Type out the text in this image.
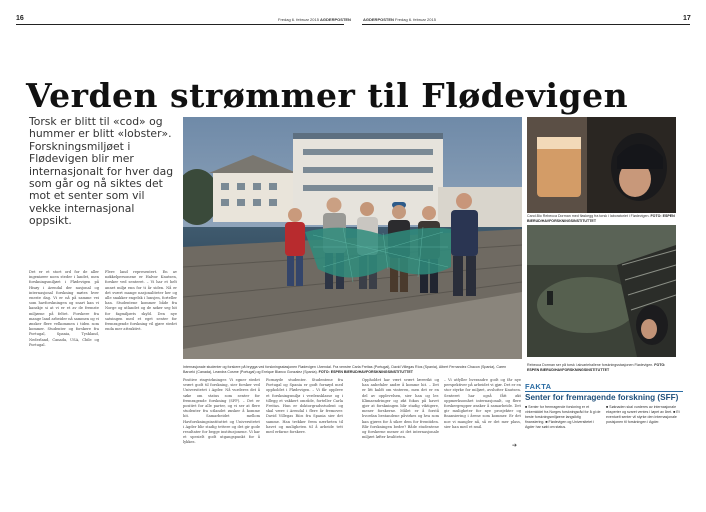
16	Fredag 6. februar 2015 AGDERPOSTEN	AGDERPOSTEN Fredag 6. februar 2015	17
Verden strømmer til Flødevigen
Torsk er blitt til «cod» og hummer er blitt «lobster». Forskningsmiljøet i Flødevigen blir mer internasjonalt for hver dag som går og nå siktes det mot et senter som vil vekke internasjonal oppsikt.	Cand.Bio Rebecca Dorman med flaskegg fra torsk i laboratoriet i Flødevigen. FOTO: ESPEN BIERUD/HAVFORSKNINGSINSTITUTTET
Rebecca Dorman ser på torsk i akvariehallene forskningsstasjonen Flødevigen. FOTO: ESPEN BIERUD/HAVFORSKNINGSINSTITUTTET
Internasjonale studenter og forskere på brygga ved forskningsstasjonen Flødevigen i Arendal. Fra venstre Carla Freitas (Portugal), David Villegas Ríos (Spania), Albert Fernandez Chacon (Spania), Caren Barceló (Canada), Leandra Cosme (Portugal) og Enrique Blanco Gonzalez (Spania). FOTO: ESPEN BIERUD/HAVFORSKNINGSINSTITUTTET
Det er et stort ord for de aller ingeniører noen steder i landet, men forskningsmiljøet i Flødevigen på Hisøy i Arendal der nasjonal og internasjonal forskning møtes hver eneste dag. Vi er nå på samme vei som havforskningen og snart kan vi kanskje si at vi er et av de fremste miljøene på feltet. Forskere fra mange land arbeider nå sammen og vi ønsker flere velkommen i tiden som kommer. Studenter og forskere fra Portugal, Spania, Tyskland, Nederland, Canada, USA, Chile og Portugal.
Flere land representert. En av nøkkelpersonene er Halvor Knutsen, forsker ved senteret. – Vi har et helt annet miljø enn for ti år siden. Nå er det svært mange nasjonaliteter her og alle snakker engelsk i lunsjen, forteller han. Studentene kommer både fra Norge og utlandet og de søker seg hit for fagmiljøets skyld. Den nye satsingen med et eget senter for fremragende forskning vil gjøre stedet enda mer attraktivt.
Positive ringvirkninger. Vi egner stedet svært godt til forskning, sier forsker ved Universitetet i Agder. Nå vurderes det å søke om status som senter for fremragende forskning (SFF). – Det er positivt for alle parter, og vi ser at flere studenter fra utlandet ønsker å komme hit. Samarbeidet mellom Havforskningsinstituttet og Universitetet i Agder blir stadig tettere og det gir gode resultater for begge institusjonene. Vi har et spesielt godt utgangspunkt for å lykkes.
Fornøyde studenter. Studentene fra Portugal og Spania er godt fornøyd med oppholdet i Flødevigen. – Vi får oppleve et forskningsmiljø i verdensklasse og i tillegg et vakkert område, forteller Carla Freitas. Hun er doktorgradsstudent og skal være i Arendal i flere år fremover. David Villegas Ríos fra Spania sier det samme. Han trekker frem nærheten til havet og muligheten til å arbeide tett med erfarne forskere.
Oppholdet har vært svært lærerikt og han anbefaler andre å komme hit. – Det er litt kaldt om vinteren, men det er en del av opplevelsen, sier han og ler. Klimaendringer og økt fokus på havet gjør at forskningen blir stadig viktigere, mener forskerne. Målet er å forstå hvordan bestandene påvirkes og hva som kan gjøres for å sikre dem for fremtiden. Blir forskningen bedre? Både studentene og forskerne mener at det internasjonale miljøet løfter kvaliteten.
– Vi utfyller hverandre godt og får nye perspektiver på arbeidet vi gjør. Det er en stor styrke for miljøet, avslutter Knutsen. Senteret har også fått økt oppmerksomhet internasjonalt, og flere forskergrupper ønsker å samarbeide. Det gir muligheter for nye prosjekter og finansiering i årene som kommer. Er det noe vi mangler nå, så er det mer plass, sier han med et smil.
➔
FAKTA
Senter for fremragende forskning (SFF)
■ Senter for fremragende forskning er et virkemiddel fra Norges forskningsråd for å gi de beste forskningsmiljøene langsiktig finansiering. ■ Flødevigen og Universitetet i Agder har søkt om status.
■ Søknaden skal vurderes av internasjonale eksperter og svaret ventes i løpet av året. ■ Et eventuelt senter vil styrke den internasjonale posisjonen til forskningen i Agder.
